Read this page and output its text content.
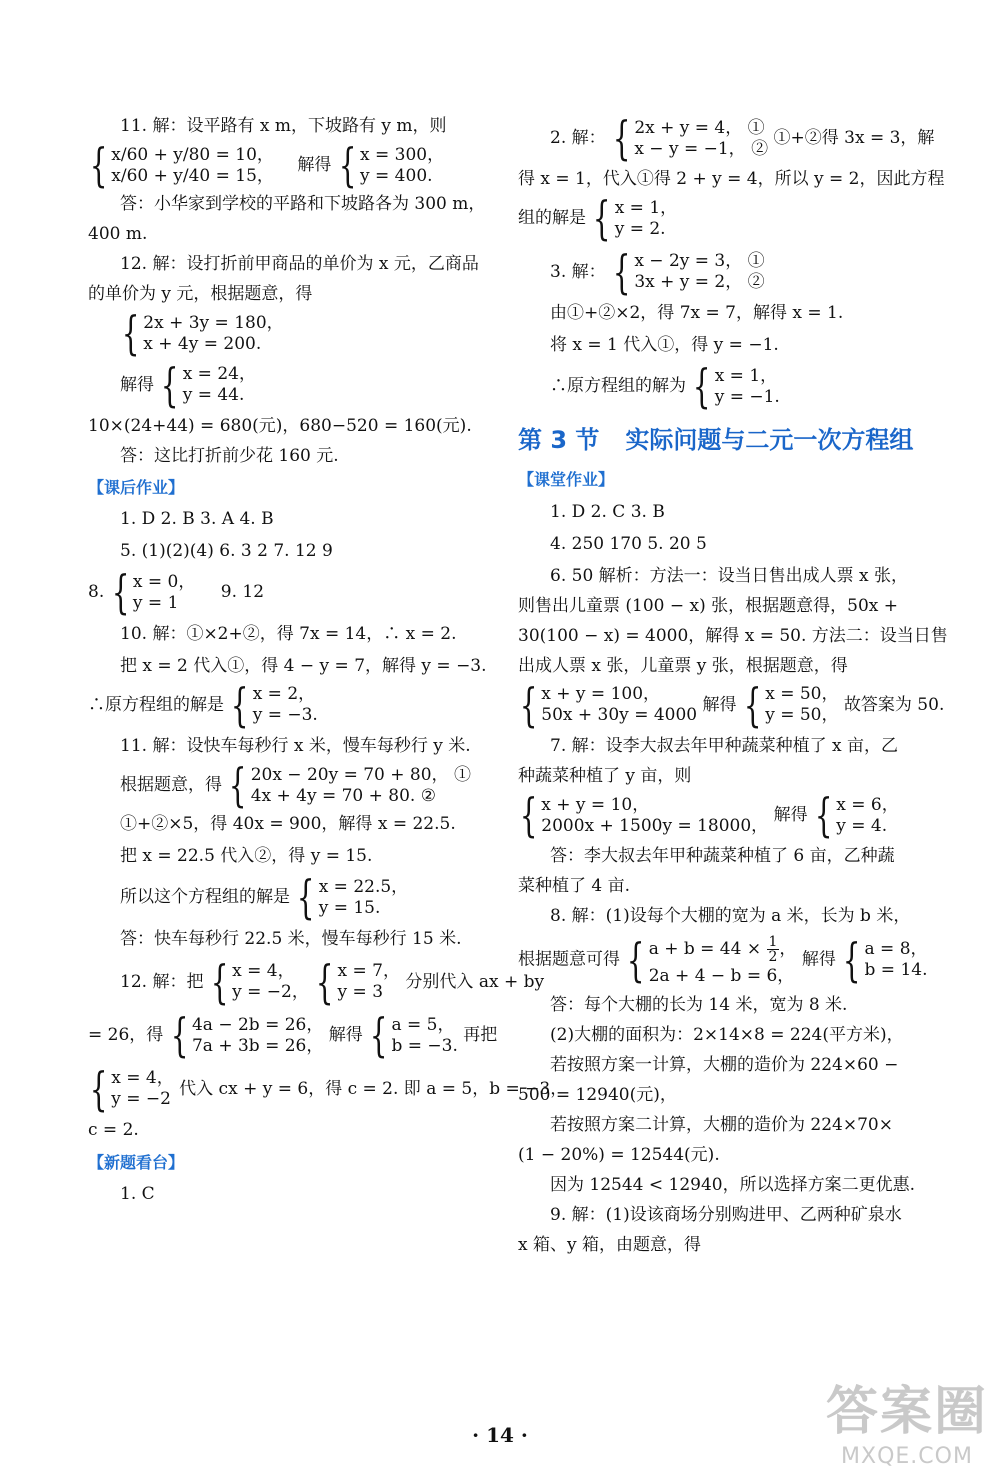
11. 解：设平路有 x m，下坡路有 y m，则
{ x/60 + y/80 = 10，
x/60 + y/40 = 15，
解得 { x = 300，
y = 400.
答：小华家到学校的平路和下坡路各为 300 m，
400 m.
12. 解：设打折前甲商品的单价为 x 元，乙商品
的单价为 y 元，根据题意，得
{ 2x + 3y = 180，
x + 4y = 200.
解得 { x = 24，
y = 44.
10×(24+44) = 680(元)，680−520 = 160(元).
答：这比打折前少花 160 元.
【课后作业】
1. D 2. B 3. A 4. B
5. (1)(2)(4) 6. 3 2 7. 12 9
8. { x = 0，
y = 1
9. 12
10. 解：①×2+②，得 7x = 14，∴ x = 2.
把 x = 2 代入①，得 4 − y = 7，解得 y = −3.
∴原方程组的解是 { x = 2，
y = −3.
11. 解：设快车每秒行 x 米，慢车每秒行 y 米.
根据题意，得 { 20x − 20y = 70 + 80， ①
4x + 4y = 70 + 80. ②
①+②×5，得 40x = 900，解得 x = 22.5.
把 x = 22.5 代入②，得 y = 15.
所以这个方程组的解是 { x = 22.5，
y = 15.
答：快车每秒行 22.5 米，慢车每秒行 15 米.
12. 解：把 { x = 4，
y = −2，
{ x = 7，
y = 3
分别代入 ax + by
= 26，得 { 4a − 2b = 26，
7a + 3b = 26，
解得 { a = 5，
b = −3.
再把
{ x = 4，
y = −2
代入 cx + y = 6，得 c = 2. 即 a = 5，b = −3，
c = 2.
【新题看台】
1. C
2. 解： { 2x + y = 4， ①
x − y = −1， ②
①+②得 3x = 3，解
得 x = 1，代入①得 2 + y = 4，所以 y = 2，因此方程
组的解是 { x = 1，
y = 2.
3. 解： { x − 2y = 3， ①
3x + y = 2， ②
由①+②×2，得 7x = 7，解得 x = 1.
将 x = 1 代入①，得 y = −1.
∴原方程组的解为 { x = 1，
y = −1.
第 3 节 实际问题与二元一次方程组
【课堂作业】
1. D 2. C 3. B
4. 250 170 5. 20 5
6. 50 解析：方法一：设当日售出成人票 x 张，
则售出儿童票 (100 − x) 张，根据题意得，50x +
30(100 − x) = 4000，解得 x = 50. 方法二：设当日售
出成人票 x 张，儿童票 y 张，根据题意，得
{ x + y = 100，
50x + 30y = 4000
解得 { x = 50，
y = 50，
故答案为 50.
7. 解：设李大叔去年甲种蔬菜种植了 x 亩，乙
种蔬菜种植了 y 亩，则
{ x + y = 10，
2000x + 1500y = 18000，
解得 { x = 6，
y = 4.
答：李大叔去年甲种蔬菜种植了 6 亩，乙种蔬
菜种植了 4 亩.
8. 解：(1)设每个大棚的宽为 a 米，长为 b 米，
根据题意可得 { $a + b = 44 \times \frac{1}{2}$ ，
2a + 4 − b = 6，
解得 { a = 8，
b = 14.
答：每个大棚的长为 14 米，宽为 8 米.
(2)大棚的面积为：2×14×8 = 224(平方米)，
若按照方案一计算，大棚的造价为 224×60 −
500 = 12940(元)，
若按照方案二计算，大棚的造价为 224×70×
(1 − 20%) = 12544(元).
因为 12544 < 12940，所以选择方案二更优惠.
9. 解：(1)设该商场分别购进甲、乙两种矿泉水
x 箱、y 箱，由题意，得
· 14 ·	答案圈
MXQE.COM
